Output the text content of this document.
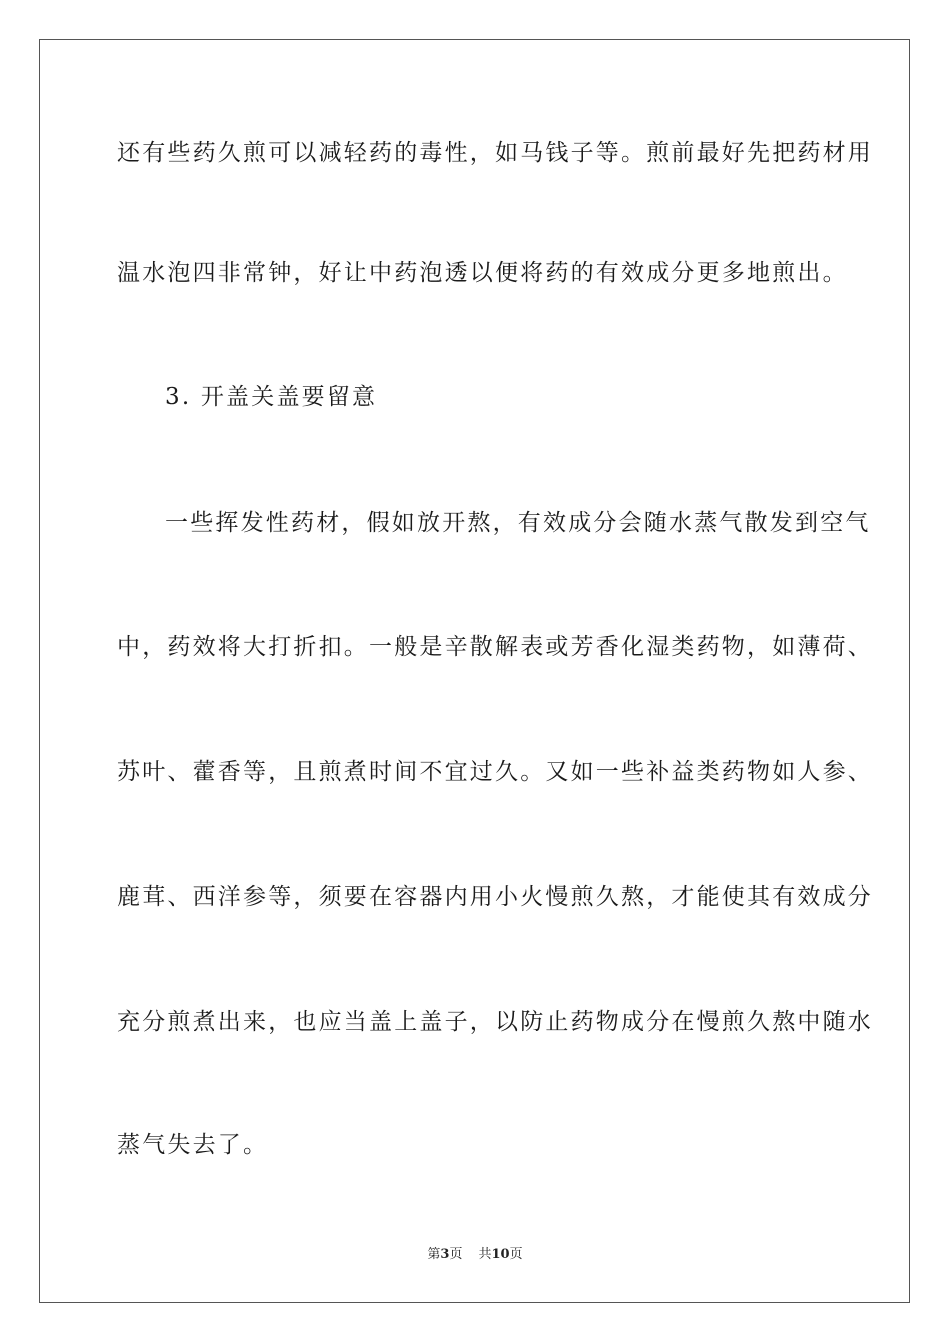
还有些药久煎可以减轻药的毒性，如马钱子等。煎前最好先把药材用
温水泡四非常钟，好让中药泡透以便将药的有效成分更多地煎出。
3. 开盖关盖要留意
一些挥发性药材，假如放开熬，有效成分会随水蒸气散发到空气
中，药效将大打折扣。一般是辛散解表或芳香化湿类药物，如薄荷、
苏叶、藿香等，且煎煮时间不宜过久。又如一些补益类药物如人参、
鹿茸、西洋参等，须要在容器内用小火慢煎久熬，才能使其有效成分
充分煎煮出来，也应当盖上盖子，以防止药物成分在慢煎久熬中随水
蒸气失去了。
第3页 共10页
